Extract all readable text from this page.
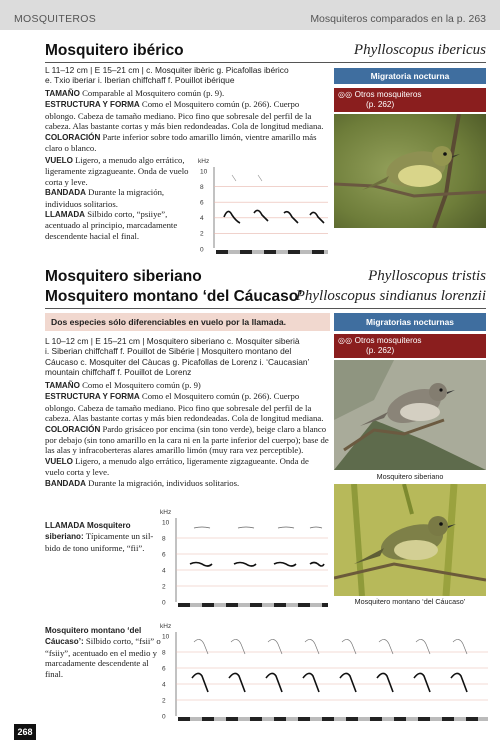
MOSQUITEROS	Mosquiteros comparados en la p. 263
Mosquitero ibérico	Phylloscopus ibericus
L 11–12 cm | E 15–21 cm | c. Mosquiter ibèric g. Picafollas ibérico
e. Txio iberiar i. Iberian chiffchaff f. Pouillot ibérique	Migratoria nocturna
◎◎ Otros mosquiteros
(p. 262)
TAMAÑO Comparable al Mosquitero común (p. 9).
ESTRUCTURA Y FORMA Como el Mosquitero común (p. 266). Cuerpo oblongo. Cabeza de tamaño mediano. Pico fino que sobresale del perfil de la cabeza. Alas bastante cortas y más bien redondeadas. Cola de longitud mediana.
COLORACIÓN Parte inferior sobre todo amarillo limón, vientre amarillo más claro o blanco.
VUELO Ligero, a menudo algo errático, ligeramente zigzagueante. Onda de vuelo corta y leve.
BANDADA Durante la migración, individuos solitarios.
LLAMADA Silbido corto, “psiiye”, acentuado al principio, marcadamente descendente hacial el final.
kHz
10
8
6
4
2
0
Mosquitero siberiano	Phylloscopus tristis
Mosquitero montano ‘del Cáucaso’
Phylloscopus sindianus lorenzii
Dos especies sólo diferenciables en vuelo por la llamada.	Migratorias nocturnas
◎◎ Otros mosquiteros
(p. 262)
L 10–12 cm | E 15–21 cm | Mosquitero siberiano c. Mosquiter siberià
i. Siberian chiffchaff f. Pouillot de Sibérie | Mosquitero montano del
Cáucaso c. Mosquiter del Càucas g. Picafollas de Lorenz i. ‘Caucasian’
mountain chiffchaff f. Pouillot de Lorenz
TAMAÑO Como el Mosquitero común (p. 9)
ESTRUCTURA Y FORMA Como el Mosquitero común (p. 266). Cuerpo oblongo. Cabeza de tamaño mediano. Pico fino que sobresale del perfil de la cabeza. Alas bastante cortas y más bien redondeadas. Cola de longitud mediana.
COLORACIÓN Pardo grisáceo por encima (sin tono verde), beige claro a blanco por debajo (sin tono amarillo en la cara ni en la parte inferior del cuerpo); base de las alas y infracoberteras alares amarillo limón (muy rara vez perceptible).
VUELO Ligero, a menudo algo errático, ligeramente zigzagueante. Onda de vuelo corta y leve.
BANDADA Durante la migración, individuos solitarios.
Mosquitero siberiano
Mosquitero montano ‘del Cáucaso’
LLAMADA Mosquitero siberiano: Típicamente un sil-bido de tono uniforme, “fii”.
kHz
10
8
6
4
2
0
Mosquitero montano ‘del Cáucaso’: Silbido corto, “fsii” o “fsiiy”, acentuado en el medio y marcadamente descendente al final.
kHz
10
8
6
4
2
0
268
